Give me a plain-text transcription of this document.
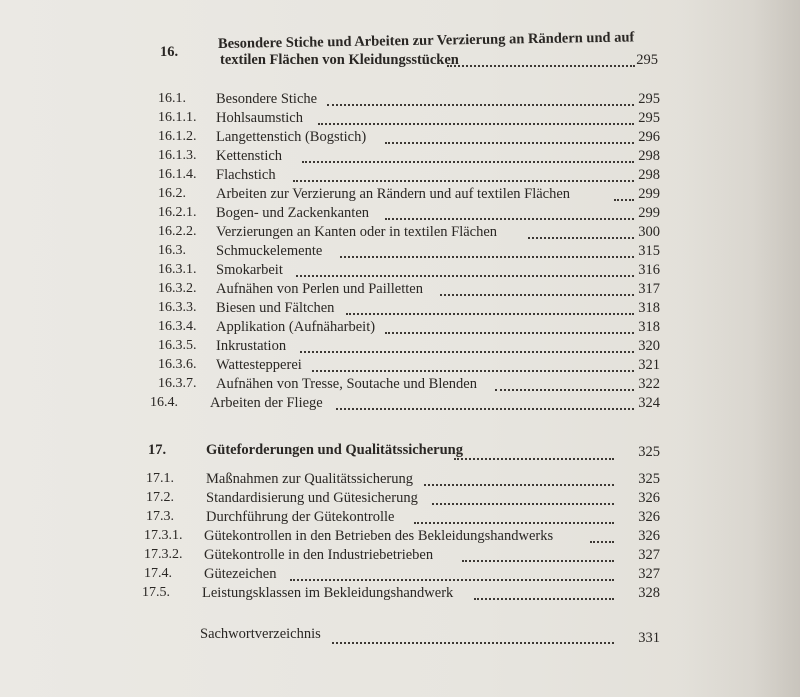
16.
Besondere Stiche und Arbeiten zur Verzierung an Rändern und auf
textilen Flächen von Kleidungsstücken	295
16.1. Besondere Stiche	295
16.1.1. Hohlsaumstich	295
16.1.2. Langettenstich (Bogstich)	296
16.1.3. Kettenstich	298
16.1.4. Flachstich	298
16.2. Arbeiten zur Verzierung an Rändern und auf textilen Flächen	299
16.2.1. Bogen- und Zackenkanten	299
16.2.2. Verzierungen an Kanten oder in textilen Flächen	300
16.3. Schmuckelemente	315
16.3.1. Smokarbeit	316
16.3.2. Aufnähen von Perlen und Pailletten	317
16.3.3. Biesen und Fältchen	318
16.3.4. Applikation (Aufnäharbeit)	318
16.3.5. Inkrustation	320
16.3.6. Wattestepperei	321
16.3.7. Aufnähen von Tresse, Soutache und Blenden	322
16.4. Arbeiten der Fliege	324
17.	Güteforderungen und Qualitätssicherung	325
17.1. Maßnahmen zur Qualitätssicherung	325
17.2. Standardisierung und Gütesicherung	326
17.3. Durchführung der Gütekontrolle	326
17.3.1. Gütekontrollen in den Betrieben des Bekleidungshandwerks	326
17.3.2. Gütekontrolle in den Industriebetrieben	327
17.4. Gütezeichen	327
17.5. Leistungsklassen im Bekleidungshandwerk	328
Sachwortverzeichnis	331
